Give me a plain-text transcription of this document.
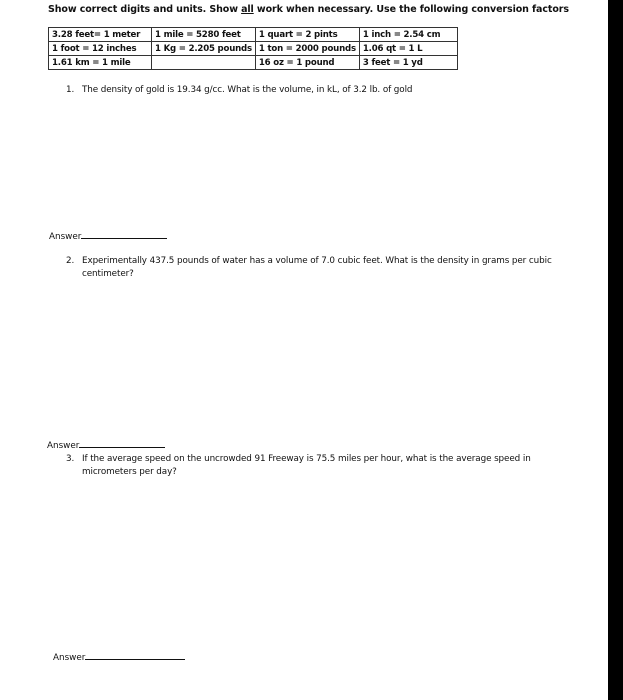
Show correct digits and units. Show all work when necessary. Use the following conversion factors
3.28 feet= 1 meter	1 mile = 5280 feet	1 quart = 2 pints	1 inch = 2.54 cm
1 foot = 12 inches	1 Kg = 2.205 pounds	1 ton = 2000 pounds	1.06 qt = 1 L
1.61 km = 1 mile		16 oz = 1 pound	3 feet = 1 yd
1. The density of gold is 19.34 g/cc. What is the volume, in kL, of 3.2 lb. of gold
Answer
2. Experimentally 437.5 pounds of water has a volume of 7.0 cubic feet. What is the density in grams per cubic centimeter?
Answer
3. If the average speed on the uncrowded 91 Freeway is 75.5 miles per hour, what is the average speed in micrometers per day?
Answer
